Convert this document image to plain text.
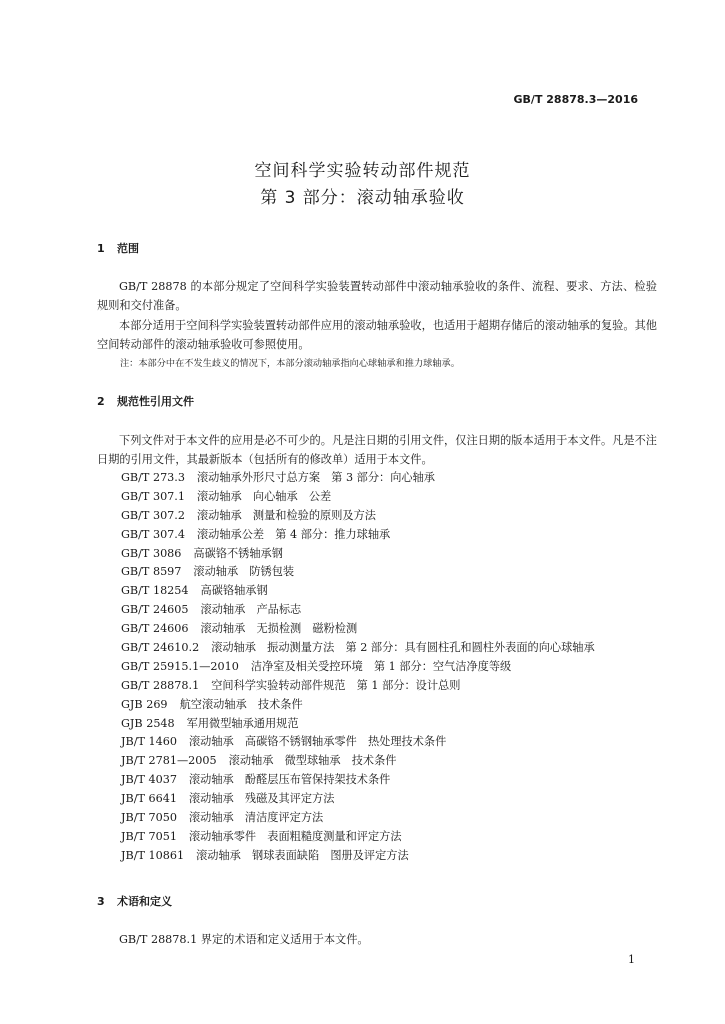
GB/T 28878.3—2016
空间科学实验转动部件规范
第 3 部分：滚动轴承验收
1 范围
GB/T 28878 的本部分规定了空间科学实验装置转动部件中滚动轴承验收的条件、流程、要求、方法、检验规则和交付准备。
本部分适用于空间科学实验装置转动部件应用的滚动轴承验收，也适用于超期存储后的滚动轴承的复验。其他空间转动部件的滚动轴承验收可参照使用。
注：本部分中在不发生歧义的情况下，本部分滚动轴承指向心球轴承和推力球轴承。
2 规范性引用文件
下列文件对于本文件的应用是必不可少的。凡是注日期的引用文件，仅注日期的版本适用于本文件。凡是不注日期的引用文件，其最新版本（包括所有的修改单）适用于本文件。
GB/T 273.3 滚动轴承外形尺寸总方案　第 3 部分：向心轴承
GB/T 307.1 滚动轴承　向心轴承　公差
GB/T 307.2 滚动轴承　测量和检验的原则及方法
GB/T 307.4 滚动轴承公差　第 4 部分：推力球轴承
GB/T 3086 高碳铬不锈轴承钢
GB/T 8597 滚动轴承　防锈包装
GB/T 18254 高碳铬轴承钢
GB/T 24605 滚动轴承　产品标志
GB/T 24606 滚动轴承　无损检测　磁粉检测
GB/T 24610.2 滚动轴承　振动测量方法　第 2 部分：具有圆柱孔和圆柱外表面的向心球轴承
GB/T 25915.1—2010 洁净室及相关受控环境　第 1 部分：空气洁净度等级
GB/T 28878.1 空间科学实验转动部件规范　第 1 部分：设计总则
GJB 269 航空滚动轴承　技术条件
GJB 2548 军用微型轴承通用规范
JB/T 1460 滚动轴承　高碳铬不锈钢轴承零件　热处理技术条件
JB/T 2781—2005 滚动轴承　微型球轴承　技术条件
JB/T 4037 滚动轴承　酚醛层压布管保持架技术条件
JB/T 6641 滚动轴承　残磁及其评定方法
JB/T 7050 滚动轴承　清洁度评定方法
JB/T 7051 滚动轴承零件　表面粗糙度测量和评定方法
JB/T 10861 滚动轴承　钢球表面缺陷　图册及评定方法
3 术语和定义
GB/T 28878.1 界定的术语和定义适用于本文件。
1
